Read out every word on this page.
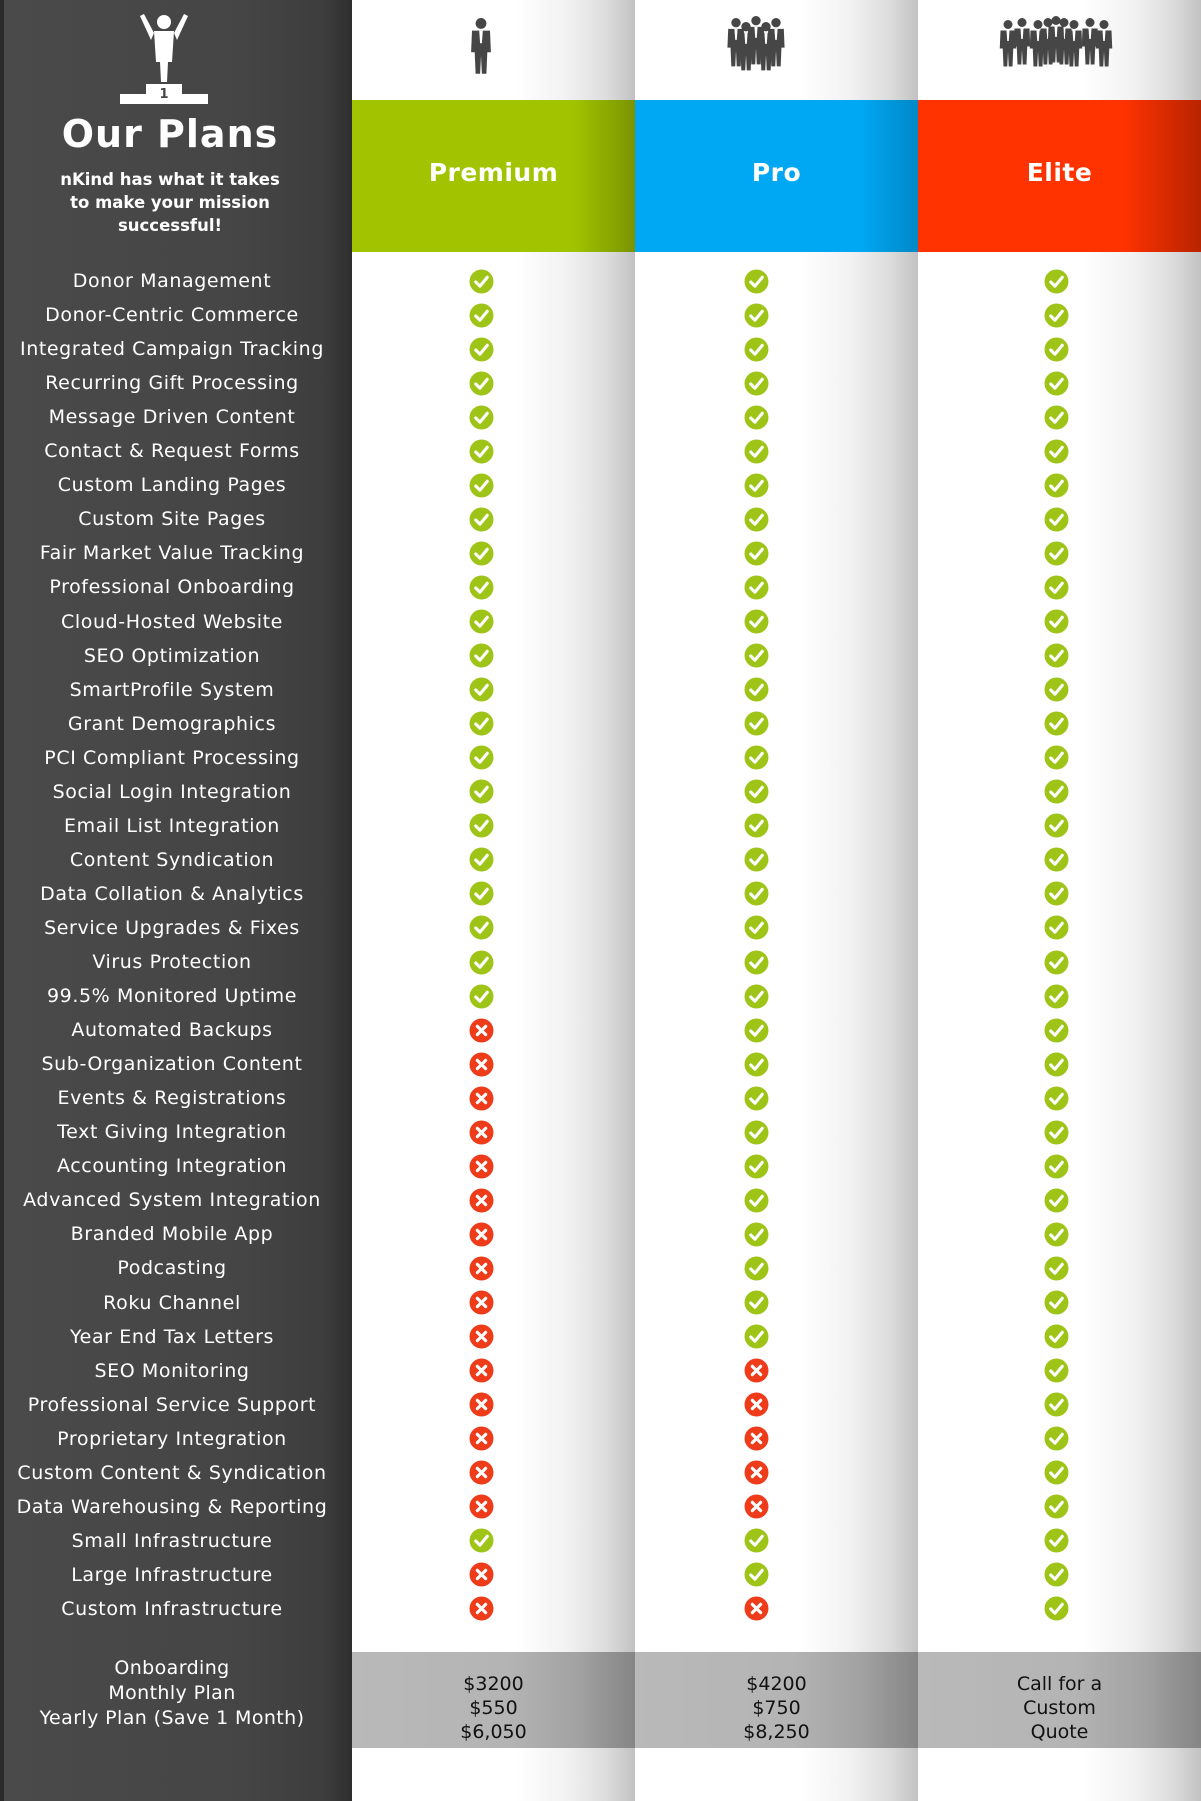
1
Our Plans
nKind has what it takes to make your mission successful!
Donor Management
Donor-Centric Commerce
Integrated Campaign Tracking
Recurring Gift Processing
Message Driven Content
Contact & Request Forms
Custom Landing Pages
Custom Site Pages
Fair Market Value Tracking
Professional Onboarding
Cloud-Hosted Website
SEO Optimization
SmartProfile System
Grant Demographics
PCI Compliant Processing
Social Login Integration
Email List Integration
Content Syndication
Data Collation & Analytics
Service Upgrades & Fixes
Virus Protection
99.5% Monitored Uptime
Automated Backups
Sub-Organization Content
Events & Registrations
Text Giving Integration
Accounting Integration
Advanced System Integration
Branded Mobile App
Podcasting
Roku Channel
Year End Tax Letters
SEO Monitoring
Professional Service Support
Proprietary Integration
Custom Content & Syndication
Data Warehousing & Reporting
Small Infrastructure
Large Infrastructure
Custom Infrastructure
Onboarding
Monthly Plan
Yearly Plan (Save 1 Month)
Premium
$3200
$550
$6,050
Pro
$4200
$750
$8,250
Elite
Call for a
Custom
Quote
